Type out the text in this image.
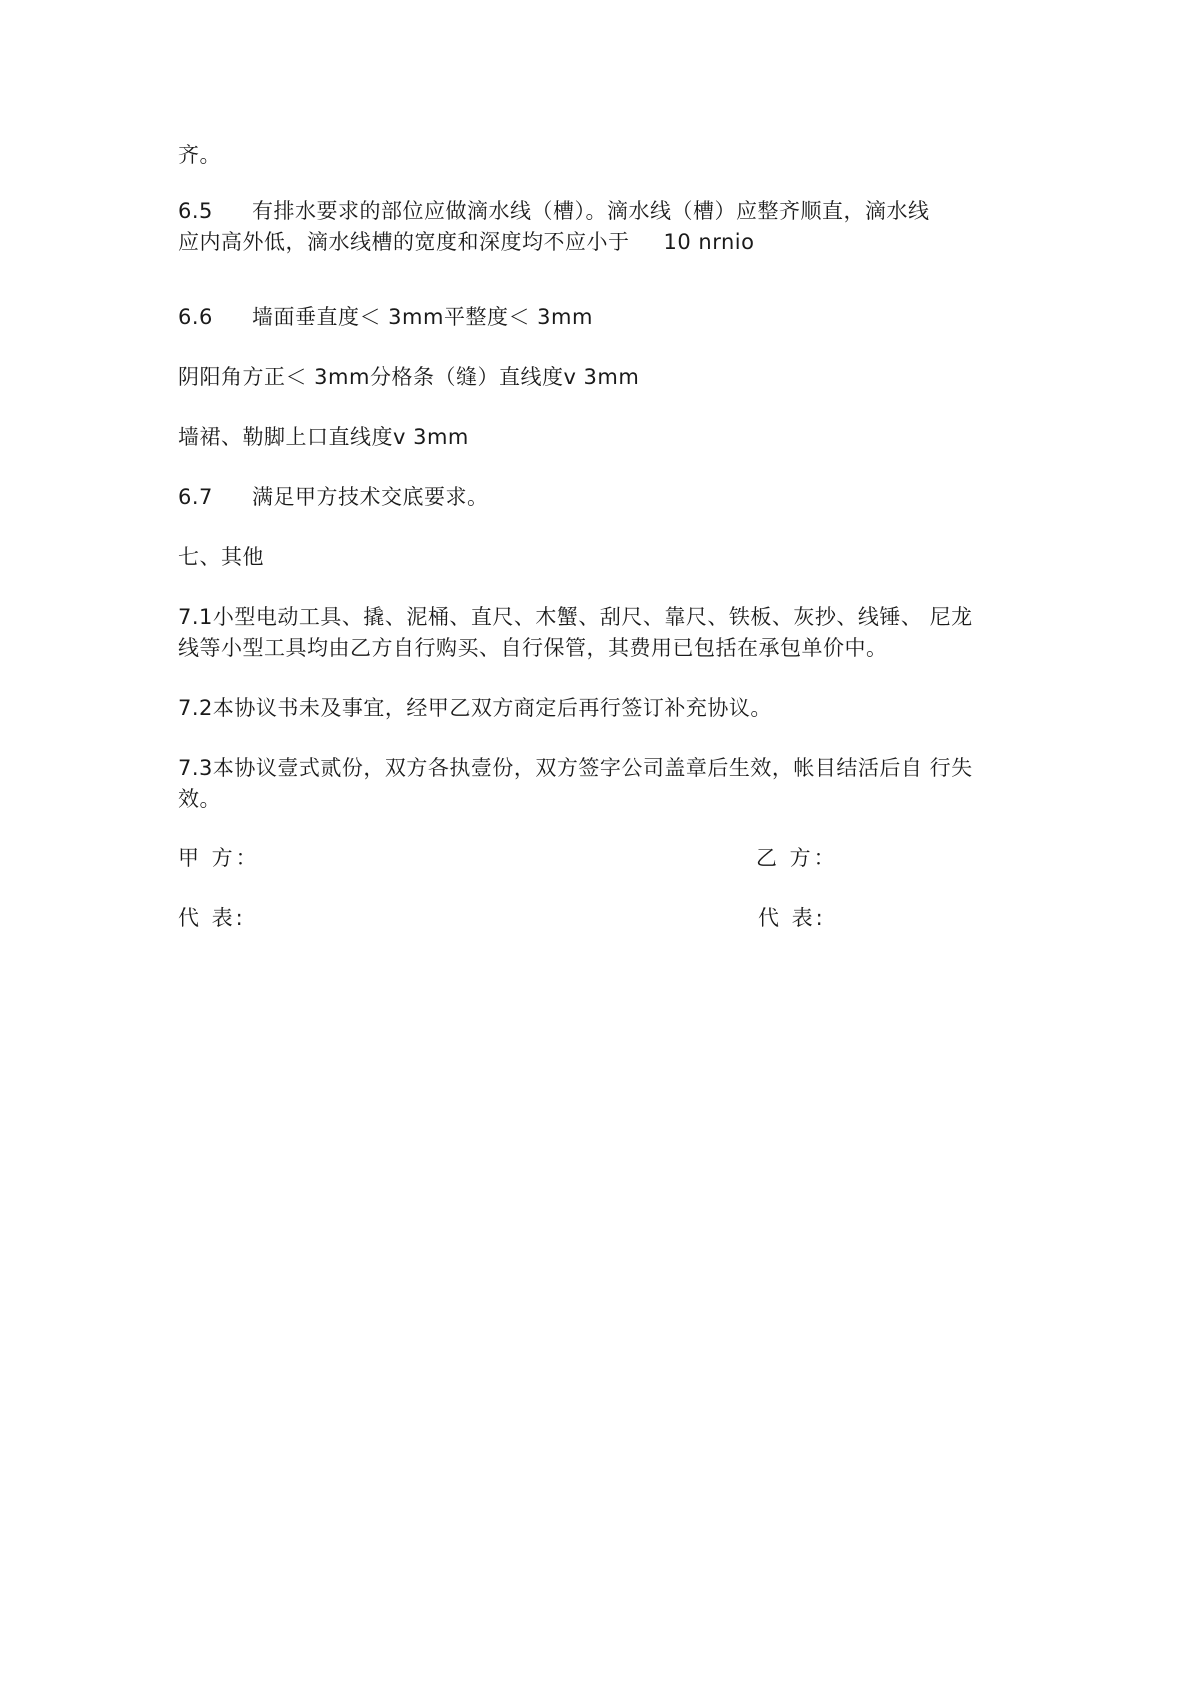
齐。
6.5 有排水要求的部位应做滴水线（槽）。滴水线（槽）应整齐顺直，滴水线
应内高外低，滴水线槽的宽度和深度均不应小于 10 nrnio
6.6 墙面垂直度＜ 3mm平整度＜ 3mm
阴阳角方正＜ 3mm分格条（缝）直线度v 3mm
墙裙、勒脚上口直线度v 3mm
6.7 满足甲方技术交底要求。
七、其他
7.1小型电动工具、撬、泥桶、直尺、木蟹、刮尺、靠尺、铁板、灰抄、线锤、 尼龙
线等小型工具均由乙方自行购买、自行保管，其费用已包括在承包单价中。
7.2本协议书未及事宜，经甲乙双方商定后再行签订补充协议。
7.3本协议壹式贰份，双方各执壹份，双方签字公司盖章后生效，帐目结活后自 行失
效。
甲 方：	乙 方：
代 表:	代 表:
